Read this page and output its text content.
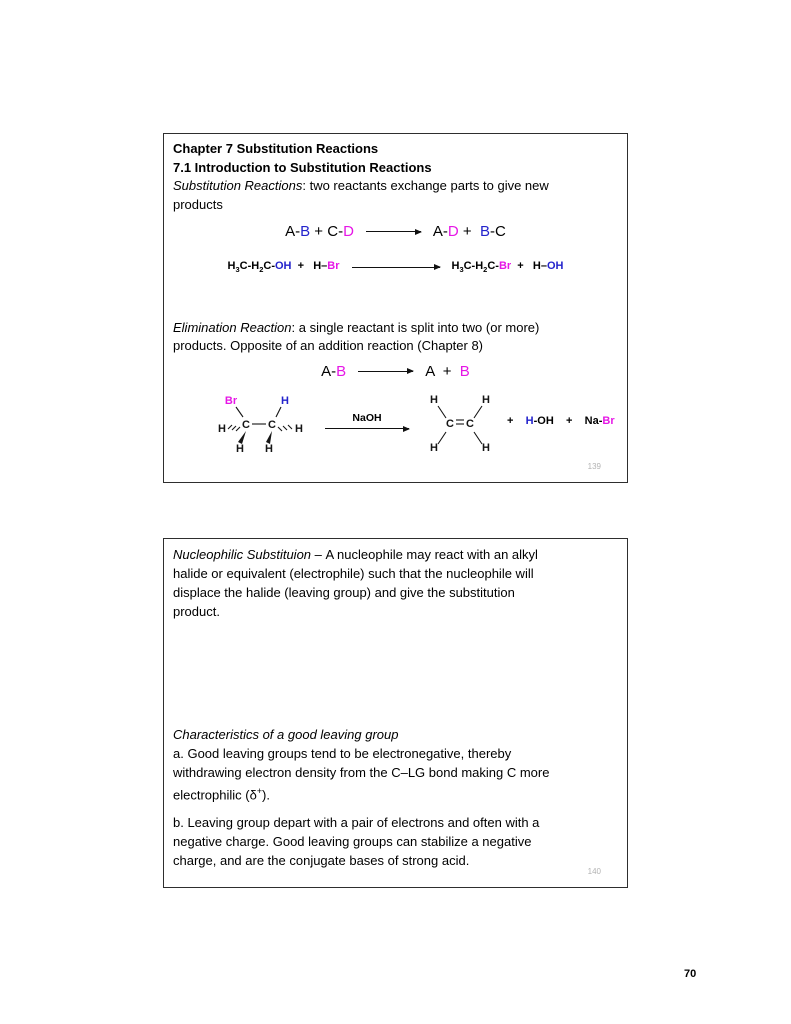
Chapter 7 Substitution Reactions
7.1 Introduction to Substitution Reactions
Substitution Reactions: two reactants exchange parts to give new
products
A-B + C-D	A-D +  B-C
$H_3C-H_2C-OH + H-Br$	$H_3C-H_2C-Br + H-OH$
Elimination Reaction: a single reactant is split into two (or more)
products. Opposite of an addition reaction (Chapter 8)
A-B	A  +  B
Br	H
C C
H
H
H
H
NaOH	C C
H	H
H	H
+    H-OH    +    Na-Br
139
Nucleophilic Substituion – A nucleophile may react with an alkyl
halide or equivalent (electrophile) such that the nucleophile will
displace the halide (leaving group) and give the substitution
product.
Characteristics of a good leaving group
a. Good leaving groups tend to be electronegative, thereby
withdrawing electron density from the C–LG bond making C more
electrophilic (δ+).
b. Leaving group depart with a pair of electrons and often with a
negative charge. Good leaving groups can stabilize a negative
charge, and are the conjugate bases of strong acid.
140
70
